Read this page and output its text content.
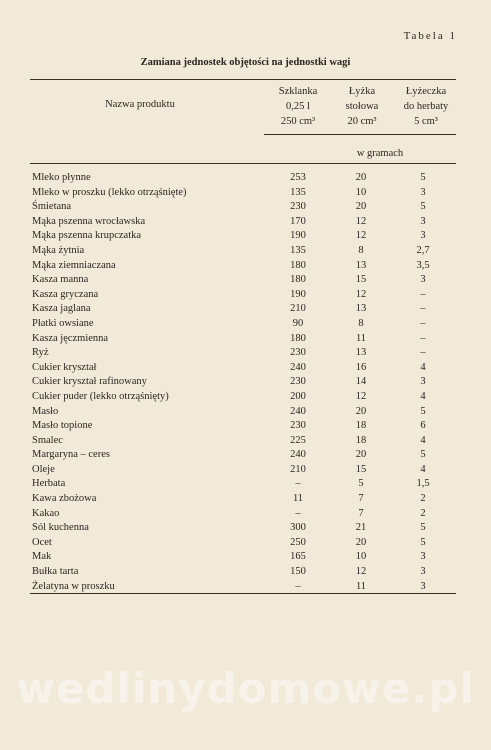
Tabela 1
Zamiana jednostek objętości na jednostki wagi
Nazwa produktu
Szklanka
0,25 l
250 cm³
Łyżka
stołowa
20 cm³
Łyżeczka
do herbaty
5 cm³
w gramach
Mleko płynne	253	20	5
Mleko w proszku (lekko otrząśnięte)	135	10	3
Śmietana	230	20	5
Mąka pszenna wrocławska	170	12	3
Mąka pszenna krupczatka	190	12	3
Mąka żytnia	135	8	2,7
Mąka ziemniaczana	180	13	3,5
Kasza manna	180	15	3
Kasza gryczana	190	12	–
Kasza jaglana	210	13	–
Płatki owsiane	90	8	–
Kasza jęczmienna	180	11	–
Ryż	230	13	–
Cukier kryształ	240	16	4
Cukier kryształ rafinowany	230	14	3
Cukier puder (lekko otrząśnięty)	200	12	4
Masło	240	20	5
Masło topione	230	18	6
Smalec	225	18	4
Margaryna – ceres	240	20	5
Oleje	210	15	4
Herbata	–	5	1,5
Kawa zbożowa	11	7	2
Kakao	–	7	2
Sól kuchenna	300	21	5
Ocet	250	20	5
Mak	165	10	3
Bułka tarta	150	12	3
Żelatyna w proszku	–	11	3
wedlinydomowe.pl
